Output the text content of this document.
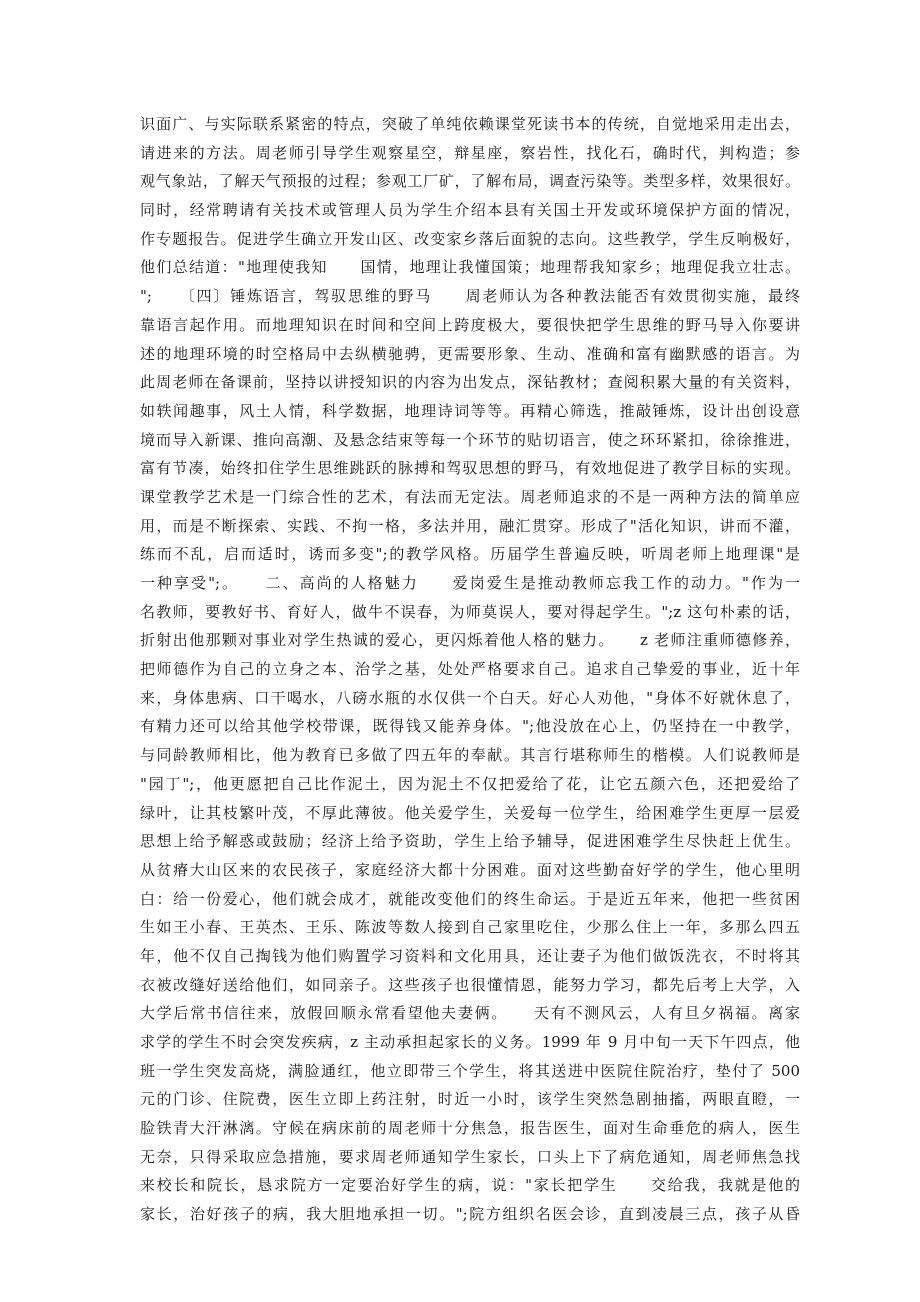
识面广、与实际联系紧密的特点，突破了单纯依赖课堂死读书本的传统，自觉地采用走出去，
请进来的方法。周老师引导学生观察星空，辩星座，察岩性，找化石，确时代，判构造；参
观气象站，了解天气预报的过程；参观工厂矿，了解布局，调查污染等。类型多样，效果很好。
同时，经常聘请有关技术或管理人员为学生介绍本县有关国土开发或环境保护方面的情况，
作专题报告。促进学生确立开发山区、改变家乡落后面貌的志向。这些教学，学生反响极好，
他们总结道："地理使我知　　国情，地理让我懂国策；地理帮我知家乡；地理促我立壮志。
";　　〔四〕锤炼语言，驾驭思维的野马　　周老师认为各种教法能否有效贯彻实施，最终
靠语言起作用。而地理知识在时间和空间上跨度极大，要很快把学生思维的野马导入你要讲
述的地理环境的时空格局中去纵横驰骋，更需要形象、生动、准确和富有幽默感的语言。为
此周老师在备课前，坚持以讲授知识的内容为出发点，深钻教材；查阅积累大量的有关资料，
如轶闻趣事，风土人情，科学数据，地理诗词等等。再精心筛选，推敲锤炼，设计出创设意
境而导入新课、推向高潮、及悬念结束等每一个环节的贴切语言，使之环环紧扣，徐徐推进，
富有节凑，始终扣住学生思维跳跃的脉搏和驾驭思想的野马，有效地促进了教学目标的实现。
课堂教学艺术是一门综合性的艺术，有法而无定法。周老师追求的不是一两种方法的简单应
用，而是不断探索、实践、不拘一格，多法并用，融汇贯穿。形成了"活化知识，讲而不灌，
练而不乱，启而适时，诱而多变";的教学风格。历届学生普遍反映，听周老师上地理课"是
一种享受";。　　二、高尚的人格魅力　　爱岗爱生是推动教师忘我工作的动力。"作为一
名教师，要教好书、育好人，做牛不误春，为师莫误人，要对得起学生。";z 这句朴素的话，
折射出他那颗对事业对学生热诚的爱心，更闪烁着他人格的魅力。　　z 老师注重师德修养，
把师德作为自己的立身之本、治学之基，处处严格要求自己。追求自己挚爱的事业，近十年
来，身体患病、口干喝水，八磅水瓶的水仅供一个白天。好心人劝他，"身体不好就休息了，
有精力还可以给其他学校带课，既得钱又能养身体。";他没放在心上，仍坚持在一中教学，
与同龄教师相比，他为教育已多做了四五年的奉献。其言行堪称师生的楷模。人们说教师是
"园丁";，他更愿把自己比作泥土，因为泥土不仅把爱给了花，让它五颜六色，还把爱给了
绿叶，让其枝繁叶茂，不厚此薄彼。他关爱学生，关爱每一位学生，给困难学生更厚一层爱
思想上给予解惑或鼓励；经济上给予资助，学生上给予辅导，促进困难学生尽快赶上优生。
从贫瘠大山区来的农民孩子，家庭经济大都十分困难。面对这些勤奋好学的学生，他心里明
白：给一份爱心，他们就会成才，就能改变他们的终生命运。于是近五年来，他把一些贫困
生如王小春、王英杰、王乐、陈波等数人接到自己家里吃住，少那么住上一年，多那么四五
年，他不仅自己掏钱为他们购置学习资料和文化用具，还让妻子为他们做饭洗衣，不时将其
衣被改缝好送给他们，如同亲子。这些孩子也很懂情恩，能努力学习，都先后考上大学，入
大学后常书信往来，放假回顺永常看望他夫妻俩。　　天有不测风云，人有旦夕祸福。离家
求学的学生不时会突发疾病，z 主动承担起家长的义务。1999 年 9 月中旬一天下午四点，他
班一学生突发高烧，满脸通红，他立即带三个学生，将其送进中医院住院治疗，垫付了 500
元的门诊、住院费，医生立即上药注射，时近一小时，该学生突然急剧抽搐，两眼直瞪，一
脸铁青大汗淋漓。守候在病床前的周老师十分焦急，报告医生，面对生命垂危的病人，医生
无奈，只得采取应急措施，要求周老师通知学生家长，口头上下了病危通知，周老师焦急找
来校长和院长，恳求院方一定要治好学生的病，说："家长把学生　　交给我，我就是他的
家长，治好孩子的病，我大胆地承担一切。";院方组织名医会诊，直到凌晨三点，孩子从昏
